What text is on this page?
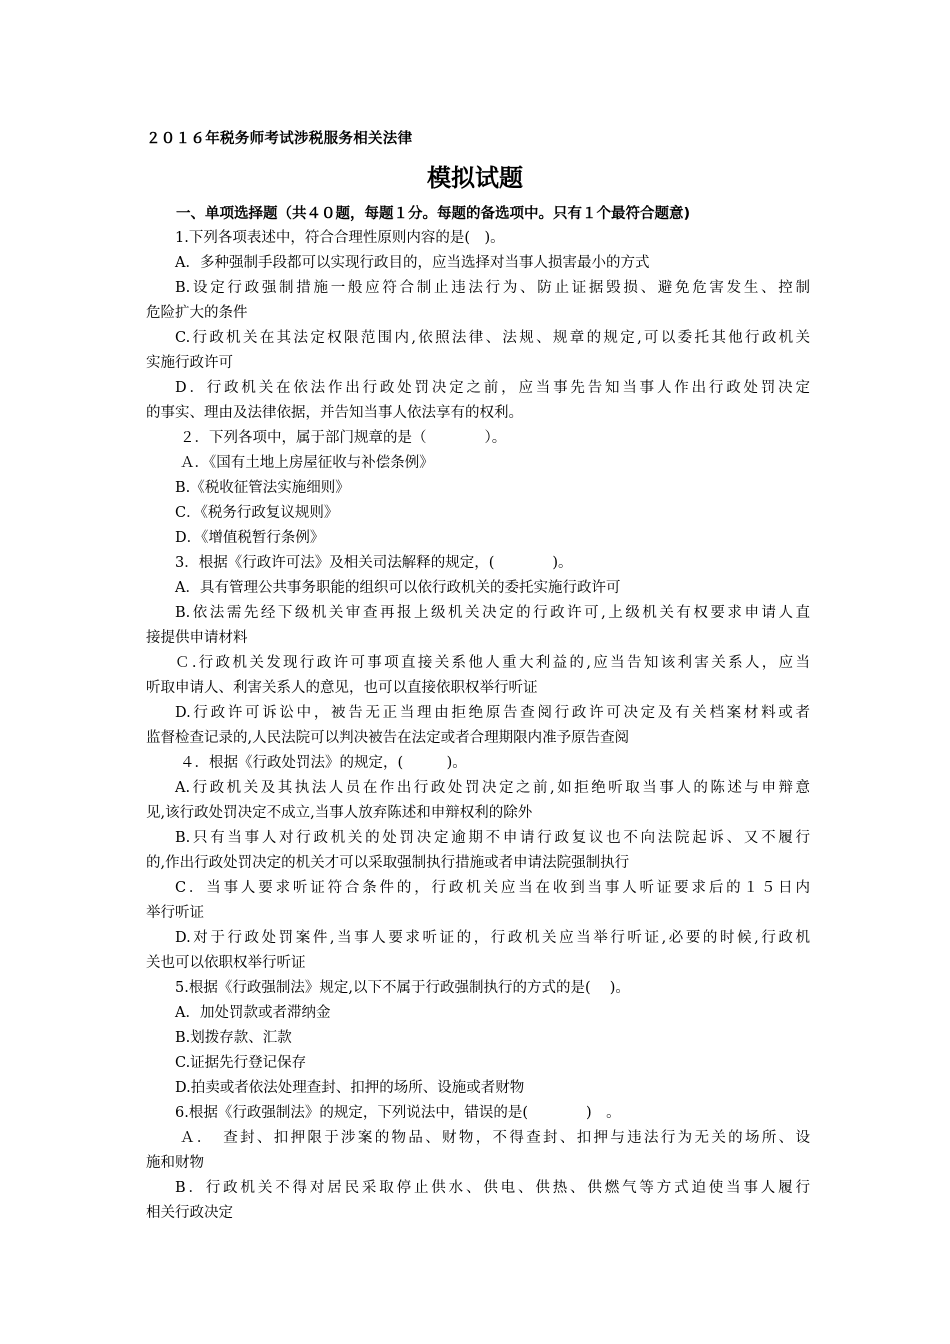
２０１６年税务师考试涉税服务相关法律
模拟试题
一、单项选择题（共４０题，每题１分。每题的备选项中。只有１个最符合题意)
1.下列各项表述中，符合合理性原则内容的是(　)。
A．多种强制手段都可以实现行政目的，应当选择对当事人损害最小的方式
B.设定行政强制措施一般应符合制止违法行为、防止证据毁损、避免危害发生、控制
危险扩大的条件
C.行政机关在其法定权限范围内,依照法律、法规、规章的规定,可以委托其他行政机关
实施行政许可
D．行政机关在依法作出行政处罚决定之前，应当事先告知当事人作出行政处罚决定
的事实、理由及法律依据，并告知当事人依法享有的权利。
２．下列各项中，属于部门规章的是（　　　　）。
Ａ．《国有土地上房屋征收与补偿条例》
B.《税收征管法实施细则》
C．《税务行政复议规则》
D．《增值税暂行条例》
3．根据《行政许可法》及相关司法解释的规定，(　　　　)。
A．具有管理公共事务职能的组织可以依行政机关的委托实施行政许可
B.依法需先经下级机关审查再报上级机关决定的行政许可,上级机关有权要求申请人直
接提供申请材料
Ｃ.行政机关发现行政许可事项直接关系他人重大利益的,应当告知该利害关系人，应当
听取申请人、利害关系人的意见，也可以直接依职权举行听证
D.行政许可诉讼中，被告无正当理由拒绝原告查阅行政许可决定及有关档案材料或者
监督检查记录的,人民法院可以判决被告在法定或者合理期限内准予原告查阅
４．根据《行政处罚法》的规定，(　　　)。
A.行政机关及其执法人员在作出行政处罚决定之前,如拒绝听取当事人的陈述与申辩意
见,该行政处罚决定不成立,当事人放弃陈述和申辩权利的除外
B.只有当事人对行政机关的处罚决定逾期不申请行政复议也不向法院起诉、又不履行
的,作出行政处罚决定的机关才可以采取强制执行措施或者申请法院强制执行
C．当事人要求听证符合条件的，行政机关应当在收到当事人听证要求后的１５日内
举行听证
D.对于行政处罚案件,当事人要求听证的，行政机关应当举行听证,必要的时候,行政机
关也可以依职权举行听证
5.根据《行政强制法》规定,以下不属于行政强制执行的方式的是(　 )。
A．加处罚款或者滞纳金
B.划拨存款、汇款
C.证据先行登记保存
D.拍卖或者依法处理查封、扣押的场所、设施或者财物
6.根据《行政强制法》的规定，下列说法中，错误的是(　　　　)　。
Ａ．　查封、扣押限于涉案的物品、财物，不得查封、扣押与违法行为无关的场所、设
施和财物
B．行政机关不得对居民采取停止供水、供电、供热、供燃气等方式迫使当事人履行
相关行政决定
